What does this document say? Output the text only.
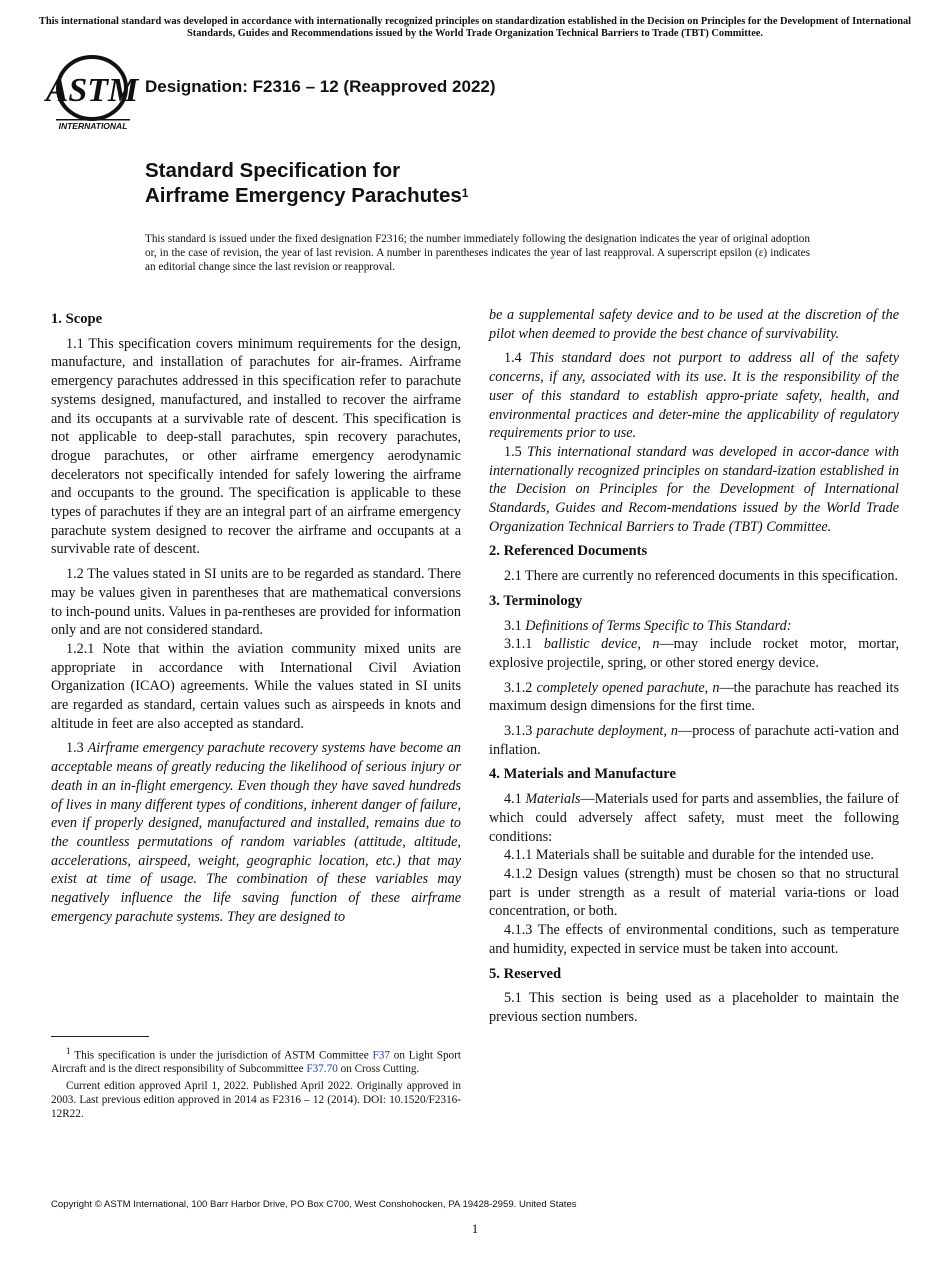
This international standard was developed in accordance with internationally recognized principles on standardization established in the Decision on Principles for the Development of International Standards, Guides and Recommendations issued by the World Trade Organization Technical Barriers to Trade (TBT) Committee.
ASTM
INTERNATIONAL
Designation: F2316 – 12 (Reapproved 2022)
Standard Specification for
Airframe Emergency Parachutes$^1$
This standard is issued under the fixed designation F2316; the number immediately following the designation indicates the year of original adoption or, in the case of revision, the year of last revision. A number in parentheses indicates the year of last reapproval. A superscript epsilon (ε) indicates an editorial change since the last revision or reapproval.
1. Scope

1.1 This specification covers minimum requirements for the design, manufacture, and installation of parachutes for air-frames. Airframe emergency parachutes addressed in this specification refer to parachute systems designed, manufactured, and installed to recover the airframe and its occupants at a survivable rate of descent. This specification is not applicable to deep-stall parachutes, spin recovery parachutes, drogue parachutes, or other airframe emergency aerodynamic decelerators not specifically intended for safely lowering the airframe and occupants to the ground. The specification is applicable to these types of parachutes if they are an integral part of an airframe emergency parachute system designed to recover the airframe and occupants at a survivable rate of descent.

1.2 The values stated in SI units are to be regarded as standard. There may be values given in parentheses that are mathematical conversions to inch-pound units. Values in pa-rentheses are provided for information only and are not considered standard.

1.2.1 Note that within the aviation community mixed units are appropriate in accordance with International Civil Aviation Organization (ICAO) agreements. While the values stated in SI units are regarded as standard, certain values such as airspeeds in knots and altitude in feet are also accepted as standard.

1.3 Airframe emergency parachute recovery systems have become an acceptable means of greatly reducing the likelihood of serious injury or death in an in-flight emergency. Even though they have saved hundreds of lives in many different types of conditions, inherent danger of failure, even if properly designed, manufactured and installed, remains due to the countless permutations of random variables (attitude, altitude, accelerations, airspeed, weight, geographic location, etc.) that may exist at time of usage. The combination of these variables may negatively influence the life saving function of these airframe emergency parachute systems. They are designed to

be a supplemental safety device and to be used at the discretion of the pilot when deemed to provide the best chance of survivability.

1.4 This standard does not purport to address all of the safety concerns, if any, associated with its use. It is the responsibility of the user of this standard to establish appro-priate safety, health, and environmental practices and deter-mine the applicability of regulatory requirements prior to use.

1.5 This international standard was developed in accor-dance with internationally recognized principles on standard-ization established in the Decision on Principles for the Development of International Standards, Guides and Recom-mendations issued by the World Trade Organization Technical Barriers to Trade (TBT) Committee.

2. Referenced Documents

2.1 There are currently no referenced documents in this specification.

3. Terminology

3.1 Definitions of Terms Specific to This Standard:

3.1.1 ballistic device, n—may include rocket motor, mortar, explosive projectile, spring, or other stored energy device.

3.1.2 completely opened parachute, n—the parachute has reached its maximum design dimensions for the first time.

3.1.3 parachute deployment, n—process of parachute acti-vation and inflation.

4. Materials and Manufacture

4.1 Materials—Materials used for parts and assemblies, the failure of which could adversely affect safety, must meet the following conditions:

4.1.1 Materials shall be suitable and durable for the intended use.

4.1.2 Design values (strength) must be chosen so that no structural part is under strength as a result of material varia-tions or load concentration, or both.

4.1.3 The effects of environmental conditions, such as temperature and humidity, expected in service must be taken into account.

5. Reserved

5.1 This section is being used as a placeholder to maintain the previous section numbers.

$^1$ This specification is under the jurisdiction of ASTM Committee F37 on Light Sport Aircraft and is the direct responsibility of Subcommittee F37.70 on Cross Cutting.

Current edition approved April 1, 2022. Published April 2022. Originally approved in 2003. Last previous edition approved in 2014 as F2316 – 12 (2014). DOI: 10.1520/F2316-12R22.

Copyright © ASTM International, 100 Barr Harbor Drive, PO Box C700, West Conshohocken, PA 19428-2959. United States
1
